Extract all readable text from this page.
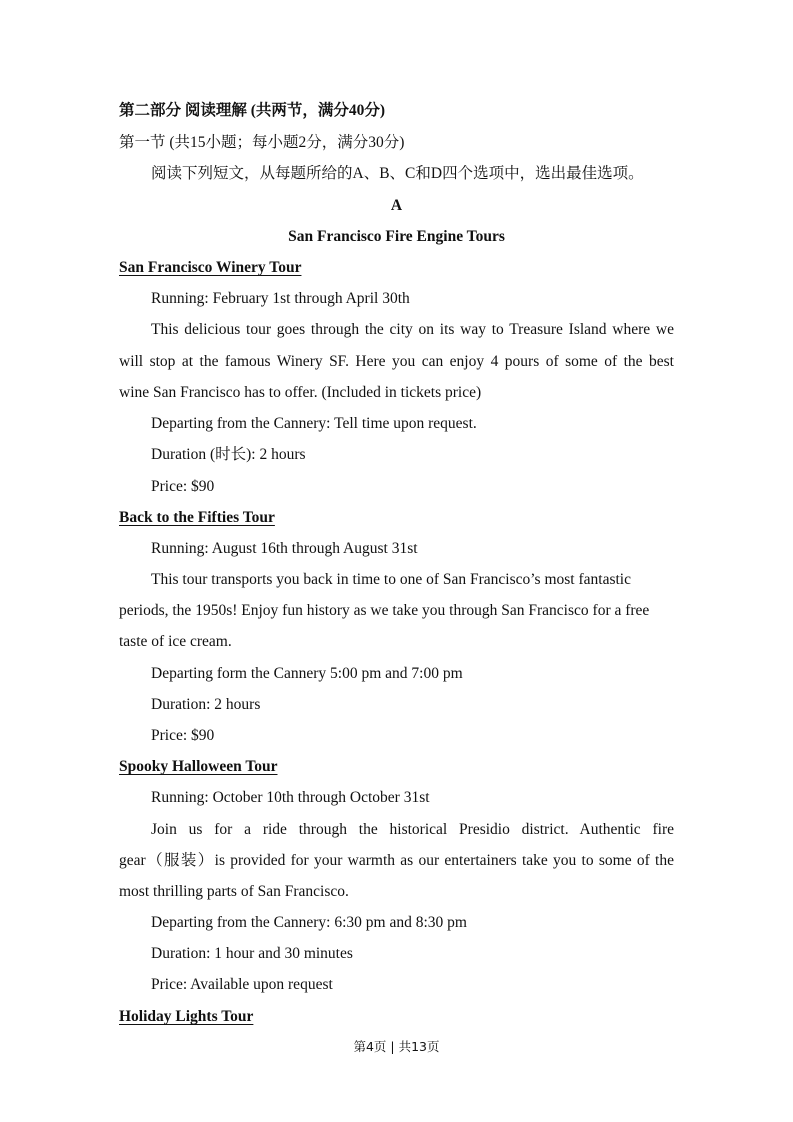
第二部分 阅读理解 (共两节，满分40分)
第一节 (共15小题；每小题2分，满分30分)
阅读下列短文，从每题所给的A、B、C和D四个选项中，选出最佳选项。
A
San Francisco Fire Engine Tours
San Francisco Winery Tour
Running: February 1st through April 30th
This delicious tour goes through the city on its way to Treasure Island where we
will stop at the famous Winery SF. Here you can enjoy 4 pours of some of the best
wine San Francisco has to offer. (Included in tickets price)
Departing from the Cannery: Tell time upon request.
Duration (时长): 2 hours
Price: $90
Back to the Fifties Tour
Running: August 16th through August 31st
This tour transports you back in time to one of San Francisco’s most fantastic
periods, the 1950s! Enjoy fun history as we take you through San Francisco for a free
taste of ice cream.
Departing form the Cannery 5:00 pm and 7:00 pm
Duration: 2 hours
Price: $90
Spooky Halloween Tour
Running: October 10th through October 31st
Join us for a ride through the historical Presidio district. Authentic fire
gear（服装）is provided for your warmth as our entertainers take you to some of the
most thrilling parts of San Francisco.
Departing from the Cannery: 6:30 pm and 8:30 pm
Duration: 1 hour and 30 minutes
Price: Available upon request
Holiday Lights Tour
第4页 | 共13页
